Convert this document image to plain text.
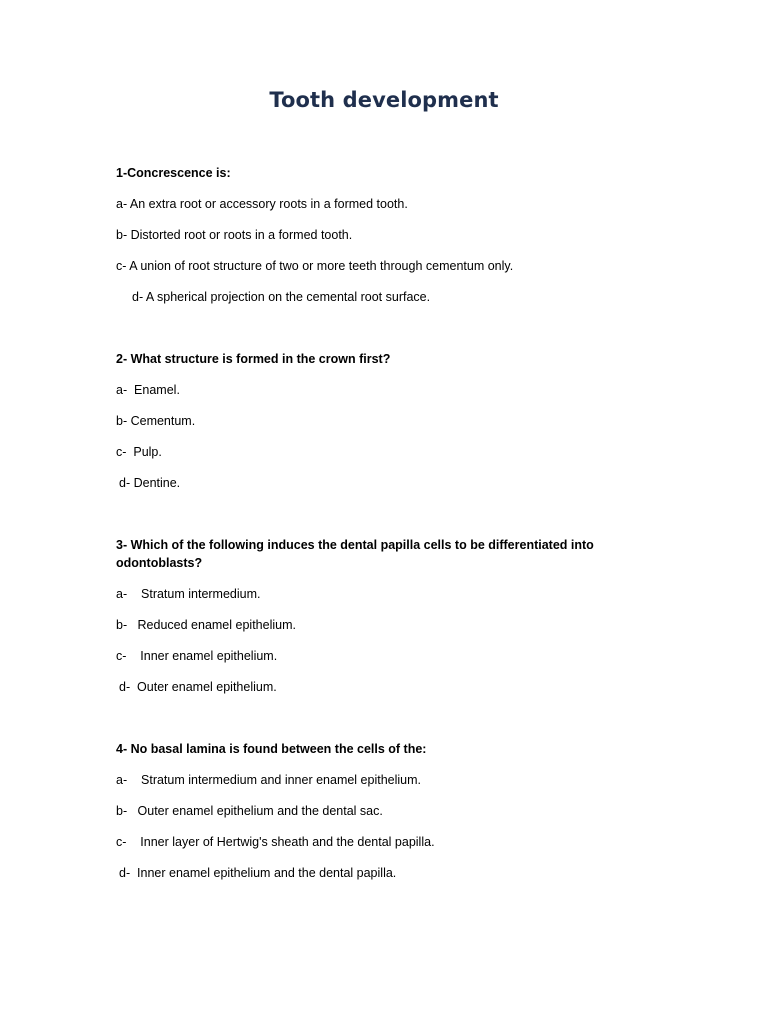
Tooth development
1-Concrescence is:
a- An extra root or accessory roots in a formed tooth.
b- Distorted root or roots in a formed tooth.
c- A union of root structure of two or more teeth through cementum only.
d- A spherical projection on the cemental root surface.
2- What structure is formed in the crown first?
a-  Enamel.
b- Cementum.
c-  Pulp.
d- Dentine.
3- Which of the following induces the dental papilla cells to be differentiated into odontoblasts?
a-    Stratum intermedium.
b-   Reduced enamel epithelium.
c-    Inner enamel epithelium.
d-  Outer enamel epithelium.
4- No basal lamina is found between the cells of the:
a-    Stratum intermedium and inner enamel epithelium.
b-   Outer enamel epithelium and the dental sac.
c-    Inner layer of Hertwig's sheath and the dental papilla.
d-  Inner enamel epithelium and the dental papilla.
